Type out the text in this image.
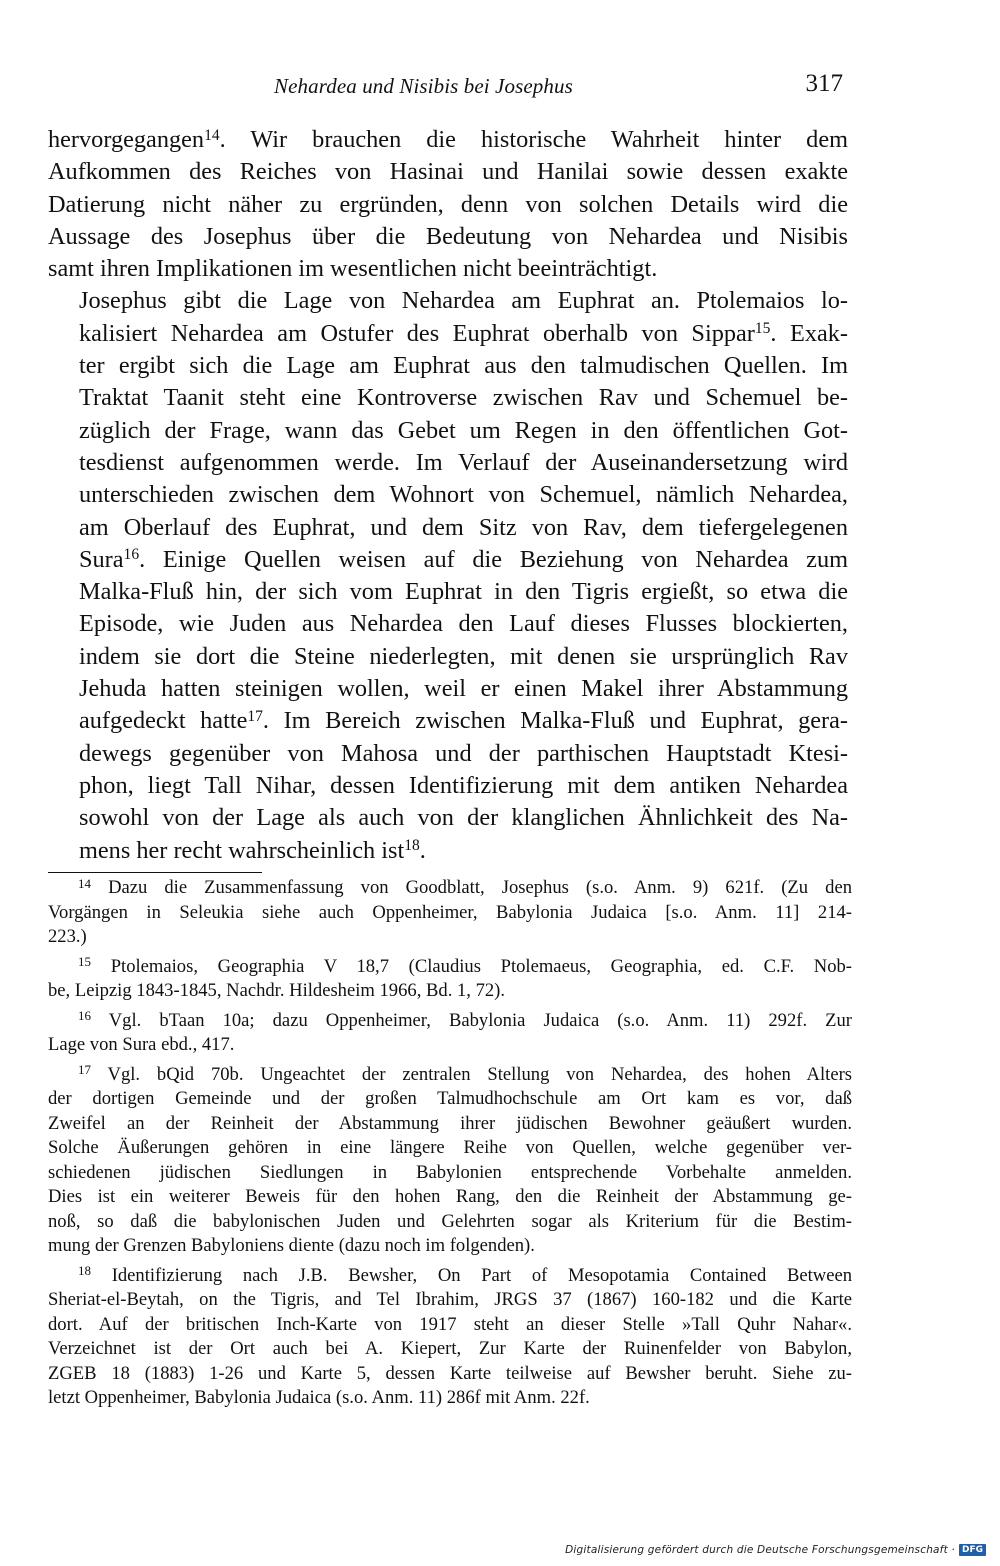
Nehardea und Nisibis bei Josephus	317

hervorgegangen$^{14}$. Wir brauchen die historische Wahrheit hinter dem
Aufkommen des Reiches von Hasinai und Hanilai sowie dessen exakte
Datierung nicht näher zu ergründen, denn von solchen Details wird die
Aussage des Josephus über die Bedeutung von Nehardea und Nisibis
samt ihren Implikationen im wesentlichen nicht beeinträchtigt.

Josephus gibt die Lage von Nehardea am Euphrat an. Ptolemaios lo-
kalisiert Nehardea am Ostufer des Euphrat oberhalb von Sippar$^{15}$. Exak-
ter ergibt sich die Lage am Euphrat aus den talmudischen Quellen. Im
Traktat Taanit steht eine Kontroverse zwischen Rav und Schemuel be-
züglich der Frage, wann das Gebet um Regen in den öffentlichen Got-
tesdienst aufgenommen werde. Im Verlauf der Auseinandersetzung wird
unterschieden zwischen dem Wohnort von Schemuel, nämlich Nehardea,
am Oberlauf des Euphrat, und dem Sitz von Rav, dem tiefergelegenen
Sura$^{16}$. Einige Quellen weisen auf die Beziehung von Nehardea zum
Malka-Fluß hin, der sich vom Euphrat in den Tigris ergießt, so etwa die
Episode, wie Juden aus Nehardea den Lauf dieses Flusses blockierten,
indem sie dort die Steine niederlegten, mit denen sie ursprünglich Rav
Jehuda hatten steinigen wollen, weil er einen Makel ihrer Abstammung
aufgedeckt hatte$^{17}$. Im Bereich zwischen Malka-Fluß und Euphrat, gera-
dewegs gegenüber von Mahosa und der parthischen Hauptstadt Ktesi-
phon, liegt Tall Nihar, dessen Identifizierung mit dem antiken Nehardea
sowohl von der Lage als auch von der klanglichen Ähnlichkeit des Na-
mens her recht wahrscheinlich ist$^{18}$.

$^{14}$ Dazu die Zusammenfassung von Goodblatt, Josephus (s.o. Anm. 9) 621f. (Zu den
Vorgängen in Seleukia siehe auch Oppenheimer, Babylonia Judaica [s.o. Anm. 11] 214-
223.)
$^{15}$ Ptolemaios, Geographia V 18,7 (Claudius Ptolemaeus, Geographia, ed. C.F. Nob-
be, Leipzig 1843-1845, Nachdr. Hildesheim 1966, Bd. 1, 72).
$^{16}$ Vgl. bTaan 10a; dazu Oppenheimer, Babylonia Judaica (s.o. Anm. 11) 292f. Zur
Lage von Sura ebd., 417.
$^{17}$ Vgl. bQid 70b. Ungeachtet der zentralen Stellung von Nehardea, des hohen Alters
der dortigen Gemeinde und der großen Talmudhochschule am Ort kam es vor, daß
Zweifel an der Reinheit der Abstammung ihrer jüdischen Bewohner geäußert wurden.
Solche Äußerungen gehören in eine längere Reihe von Quellen, welche gegenüber ver-
schiedenen jüdischen Siedlungen in Babylonien entsprechende Vorbehalte anmelden.
Dies ist ein weiterer Beweis für den hohen Rang, den die Reinheit der Abstammung ge-
noß, so daß die babylonischen Juden und Gelehrten sogar als Kriterium für die Bestim-
mung der Grenzen Babyloniens diente (dazu noch im folgenden).
$^{18}$ Identifizierung nach J.B. Bewsher, On Part of Mesopotamia Contained Between
Sheriat-el-Beytah, on the Tigris, and Tel Ibrahim, JRGS 37 (1867) 160-182 und die Karte
dort. Auf der britischen Inch-Karte von 1917 steht an dieser Stelle »Tall Quhr Nahar«.
Verzeichnet ist der Ort auch bei A. Kiepert, Zur Karte der Ruinenfelder von Babylon,
ZGEB 18 (1883) 1-26 und Karte 5, dessen Karte teilweise auf Bewsher beruht. Siehe zu-
letzt Oppenheimer, Babylonia Judaica (s.o. Anm. 11) 286f mit Anm. 22f.
Digitalisierung gefördert durch die Deutsche Forschungsgemeinschaft · DFG
